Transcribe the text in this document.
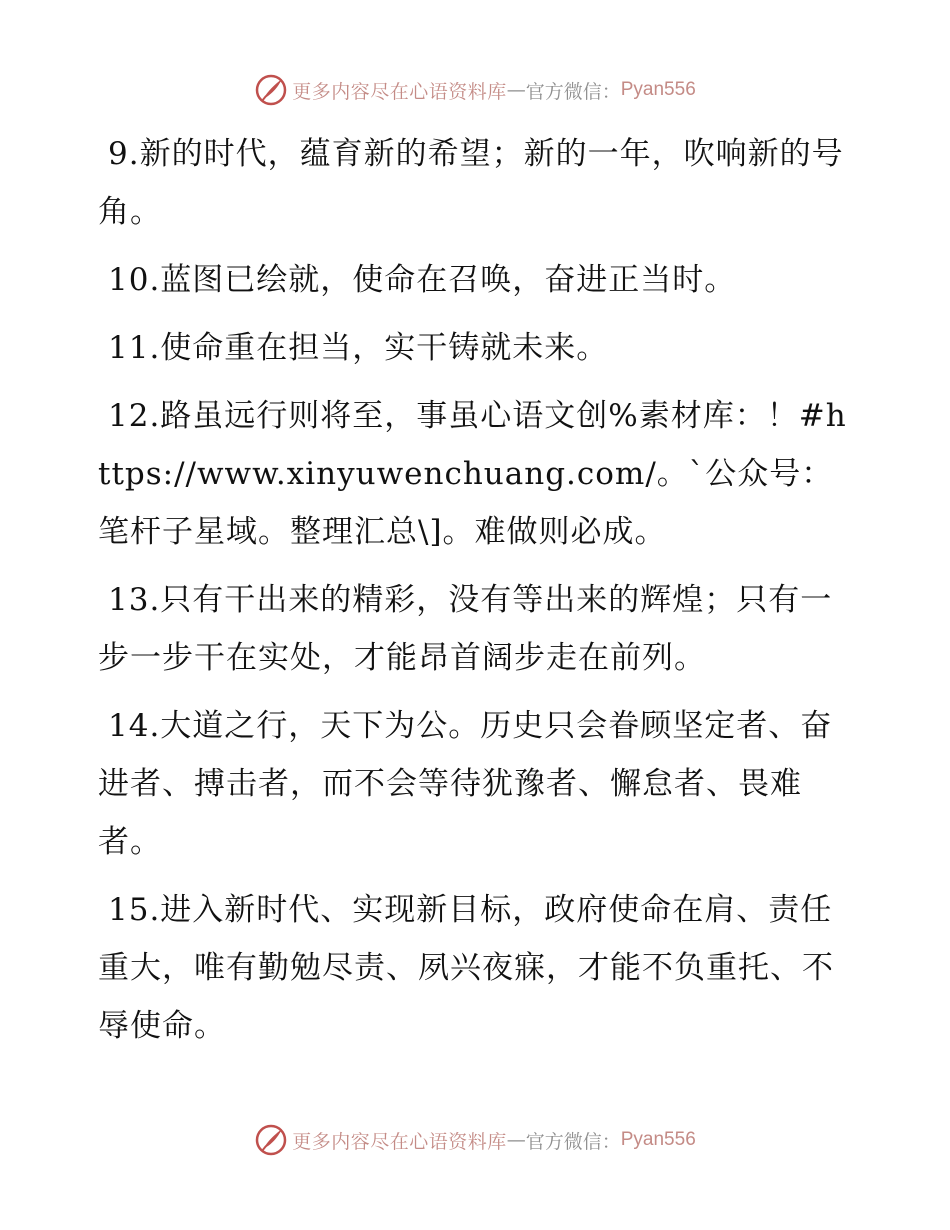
更多内容尽在心语资料库 — 官方微信： Pyan556

9.新的时代，蕴育新的希望；新的一年，吹响新的号角。

10.蓝图已绘就，使命在召唤，奋进正当时。

11.使命重在担当，实干铸就未来。

12.路虽远行则将至，事虽心语文创%素材库：！#https://www.xinyuwenchuang.com/。`公众号：笔杆子星域。整理汇总\]。难做则必成。

13.只有干出来的精彩，没有等出来的辉煌；只有一步一步干在实处，才能昂首阔步走在前列。

14.大道之行，天下为公。历史只会眷顾坚定者、奋进者、搏击者，而不会等待犹豫者、懈怠者、畏难者。

15.进入新时代、实现新目标，政府使命在肩、责任重大，唯有勤勉尽责、夙兴夜寐，才能不负重托、不辱使命。

更多内容尽在心语资料库 — 官方微信： Pyan556
